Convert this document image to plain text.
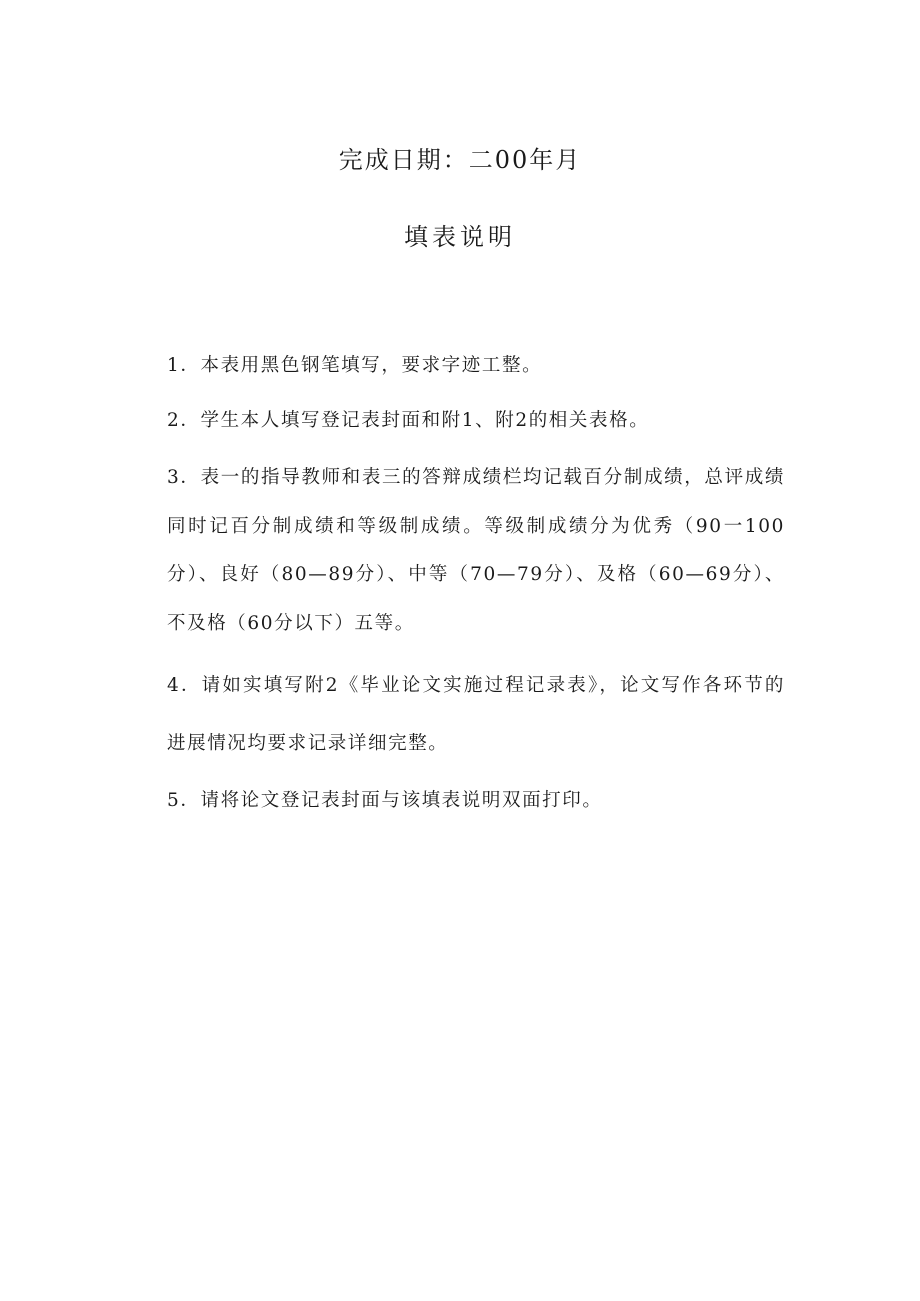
完成日期：二00年月
填表说明

1．本表用黑色钢笔填写，要求字迹工整。

2．学生本人填写登记表封面和附1、附2的相关表格。

3．表一的指导教师和表三的答辩成绩栏均记载百分制成绩，总评成绩同时记百分制成绩和等级制成绩。等级制成绩分为优秀（90一100分）、良好（80—89分）、中等（70—79分）、及格（60—69分）、不及格（60分以下）五等。

4．请如实填写附2《毕业论文实施过程记录表》，论文写作各环节的进展情况均要求记录详细完整。

5．请将论文登记表封面与该填表说明双面打印。
